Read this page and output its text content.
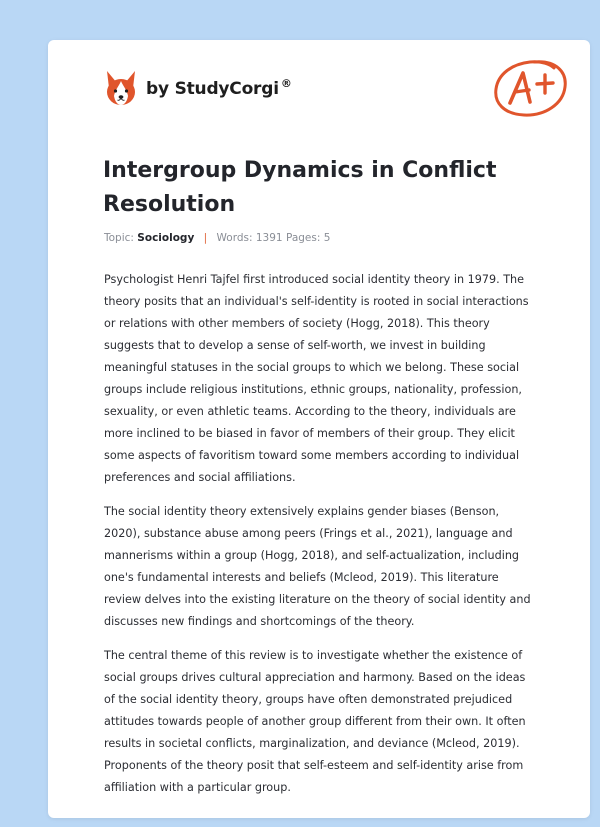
by StudyCorgi ®
Intergroup Dynamics in Conflict Resolution
Topic: Sociology | Words: 1391 Pages: 5

Psychologist Henri Tajfel first introduced social identity theory in 1979. The theory posits that an individual's self-identity is rooted in social interactions or relations with other members of society (Hogg, 2018). This theory suggests that to develop a sense of self-worth, we invest in building meaningful statuses in the social groups to which we belong. These social groups include religious institutions, ethnic groups, nationality, profession, sexuality, or even athletic teams. According to the theory, individuals are more inclined to be biased in favor of members of their group. They elicit some aspects of favoritism toward some members according to individual preferences and social affiliations.

The social identity theory extensively explains gender biases (Benson, 2020), substance abuse among peers (Frings et al., 2021), language and mannerisms within a group (Hogg, 2018), and self-actualization, including one's fundamental interests and beliefs (Mcleod, 2019). This literature review delves into the existing literature on the theory of social identity and discusses new findings and shortcomings of the theory.

The central theme of this review is to investigate whether the existence of social groups drives cultural appreciation and harmony. Based on the ideas of the social identity theory, groups have often demonstrated prejudiced attitudes towards people of another group different from their own. It often results in societal conflicts, marginalization, and deviance (Mcleod, 2019). Proponents of the theory posit that self-esteem and self-identity arise from affiliation with a particular group.
